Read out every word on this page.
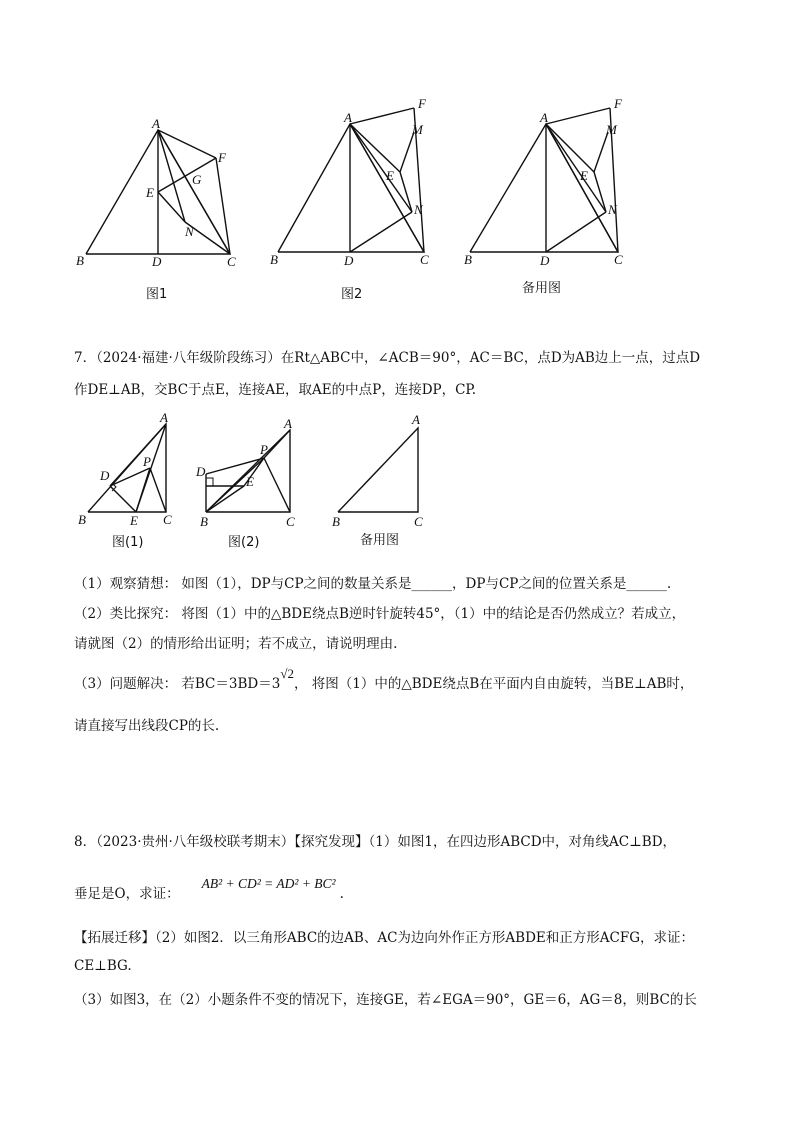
A
B	C
D
E
F
G
N
图1
A
B	C
D
E
F
M
N
图2
A
B	C
D
E
F
M
N
备用图
7．（2024·福建·八年级阶段练习）在Rt△ABC中，∠ACB＝90°，AC＝BC，点D为AB边上一点，过点D
作DE⊥AB，交BC于点E，连接AE，取AE的中点P，连接DP，CP.
A
B	C
D
E
P
图(1)
A
B	C
D
E
P
图(2)
A
B	C
备用图
（1）观察猜想： 如图（1），DP与CP之间的数量关系是______，DP与CP之间的位置关系是______.
（2）类比探究： 将图（1）中的△BDE绕点B逆时针旋转45°，（1）中的结论是否仍然成立？若成立，
请就图（2）的情形给出证明；若不成立，请说明理由.
（3）问题解决： 若BC＝3BD＝3√2， 将图（1）中的△BDE绕点B在平面内自由旋转，当BE⊥AB时，
请直接写出线段CP的长.
8．（2023·贵州·八年级校联考期末）【探究发现】（1）如图1，在四边形ABCD中，对角线AC⊥BD，
垂足是O，求证：AB² + CD² = AD² + BC².
【拓展迁移】（2）如图2．以三角形ABC的边AB、AC为边向外作正方形ABDE和正方形ACFG，求证：
CE⊥BG.
（3）如图3，在（2）小题条件不变的情况下，连接GE，若∠EGA＝90°，GE＝6，AG＝8，则BC的长
